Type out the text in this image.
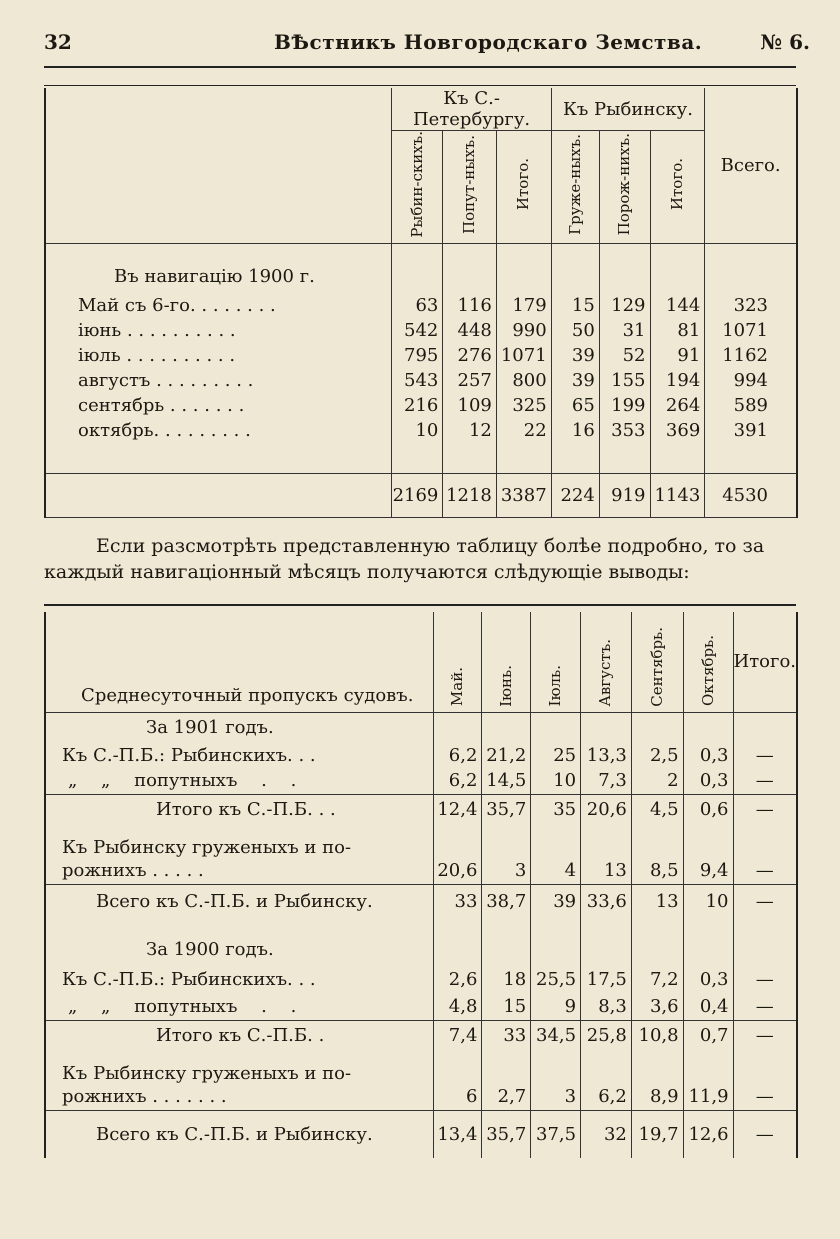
32	ВѢстникъ Новгородскаго Земства.	№ 6.
	Къ С.-Петербургу.			Къ Рыбинску.			Всего.
	Рыбин-скихъ.	Попут-ныхъ.	Итого.	Груже-ныхъ.	Порож-нихъ.	Итого.	
Въ навигацію 1900 г.							
Май съ 6-го. . . . . . . .	63	116	179	15	129	144	323
іюнь . . . . . . . . . .	542	448	990	50	31	81	1071
іюль . . . . . . . . . .	795	276	1071	39	52	91	1162
августъ . . . . . . . . .	543	257	800	39	155	194	994
сентябрь . . . . . . .	216	109	325	65	199	264	589
октябрь. . . . . . . . .	10	12	22	16	353	369	391

	2169	1218	3387	224	919	1143	4530
Если разсмотрѣть представленную таблицу болѣе подробно, то за
каждый навигаціонный мѣсяцъ получаются слѣдующіе выводы:
Среднесуточный пропускъ судовъ.	Май.	Іюнь.	Іюль.	Августъ.	Сентябрь.	Октябрь.	Итого.
За 1901 годъ.							
Къ С.-П.Б.: Рыбинскихъ. . .	6,2	21,2	25	13,3	2,5	0,3	—
„ „ попутныхъ . .	6,2	14,5	10	7,3	2	0,3	—
Итого къ С.-П.Б. . .	12,4	35,7	35	20,6	4,5	0,6	—
Къ Рыбинску груженыхъ и по-							
рожнихъ . . . . .	20,6	3	4	13	8,5	9,4	—
Всего къ С.-П.Б. и Рыбинску.	33	38,7	39	33,6	13	10	—
За 1900 годъ.							
Къ С.-П.Б.: Рыбинскихъ. . .	2,6	18	25,5	17,5	7,2	0,3	—
„ „ попутныхъ . .	4,8	15	9	8,3	3,6	0,4	—
Итого къ С.-П.Б. .	7,4	33	34,5	25,8	10,8	0,7	—
Къ Рыбинску груженыхъ и по-							
рожнихъ . . . . . . .	6	2,7	3	6,2	8,9	11,9	—
Всего къ С.-П.Б. и Рыбинску.	13,4	35,7	37,5	32	19,7	12,6	—
